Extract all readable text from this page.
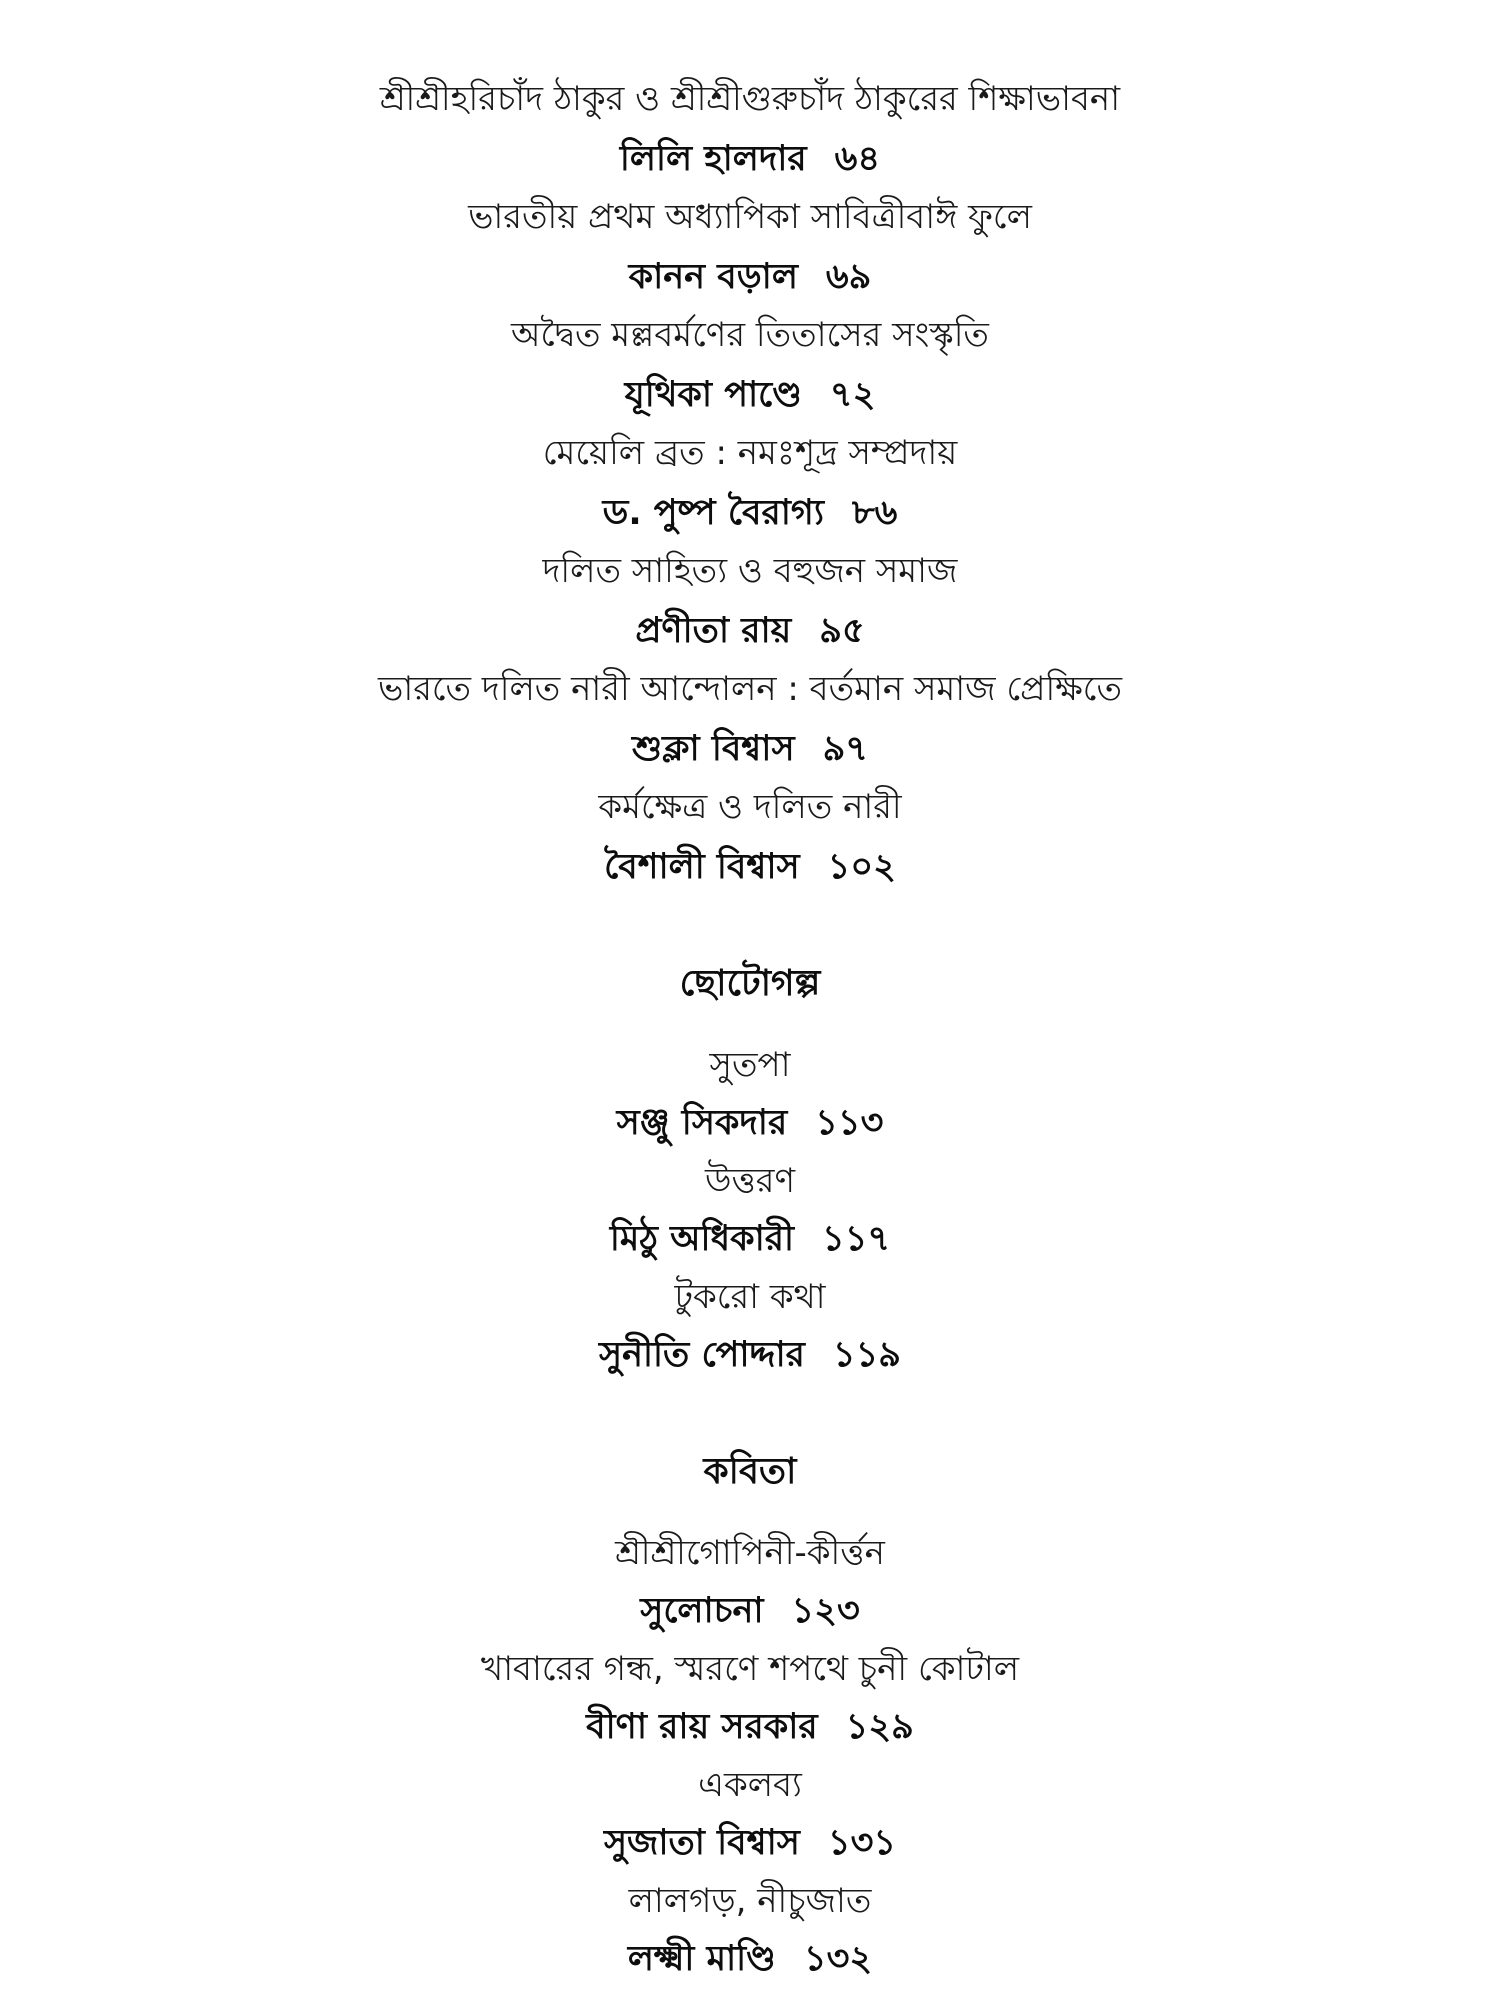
শ্রীশ্রীহরিচাঁদ ঠাকুর ও শ্রীশ্রীগুরুচাঁদ ঠাকুরের শিক্ষাভাবনা
লিলি হালদার ৬৪
ভারতীয় প্রথম অধ্যাপিকা সাবিত্রীবাঈ ফুলে
কানন বড়াল ৬৯
অদ্বৈত মল্লবর্মণের তিতাসের সংস্কৃতি
যূথিকা পাণ্ডে ৭২
মেয়েলি ব্রত : নমঃশূদ্র সম্প্রদায়
ড. পুষ্প বৈরাগ্য ৮৬
দলিত সাহিত্য ও বহুজন সমাজ
প্রণীতা রায় ৯৫
ভারতে দলিত নারী আন্দোলন : বর্তমান সমাজ প্রেক্ষিতে
শুক্লা বিশ্বাস ৯৭
কর্মক্ষেত্র ও দলিত নারী
বৈশালী বিশ্বাস ১০২
ছোটোগল্প
সুতপা
সঞ্জু সিকদার ১১৩
উত্তরণ
মিঠু অধিকারী ১১৭
টুকরো কথা
সুনীতি পোদ্দার ১১৯
কবিতা
শ্রীশ্রীগোপিনী-কীর্ত্তন
সুলোচনা ১২৩
খাবারের গন্ধ, স্মরণে শপথে চুনী কোটাল
বীণা রায় সরকার ১২৯
একলব্য
সুজাতা বিশ্বাস ১৩১
লালগড়, নীচুজাত
লক্ষ্মী মাণ্ডি ১৩২
